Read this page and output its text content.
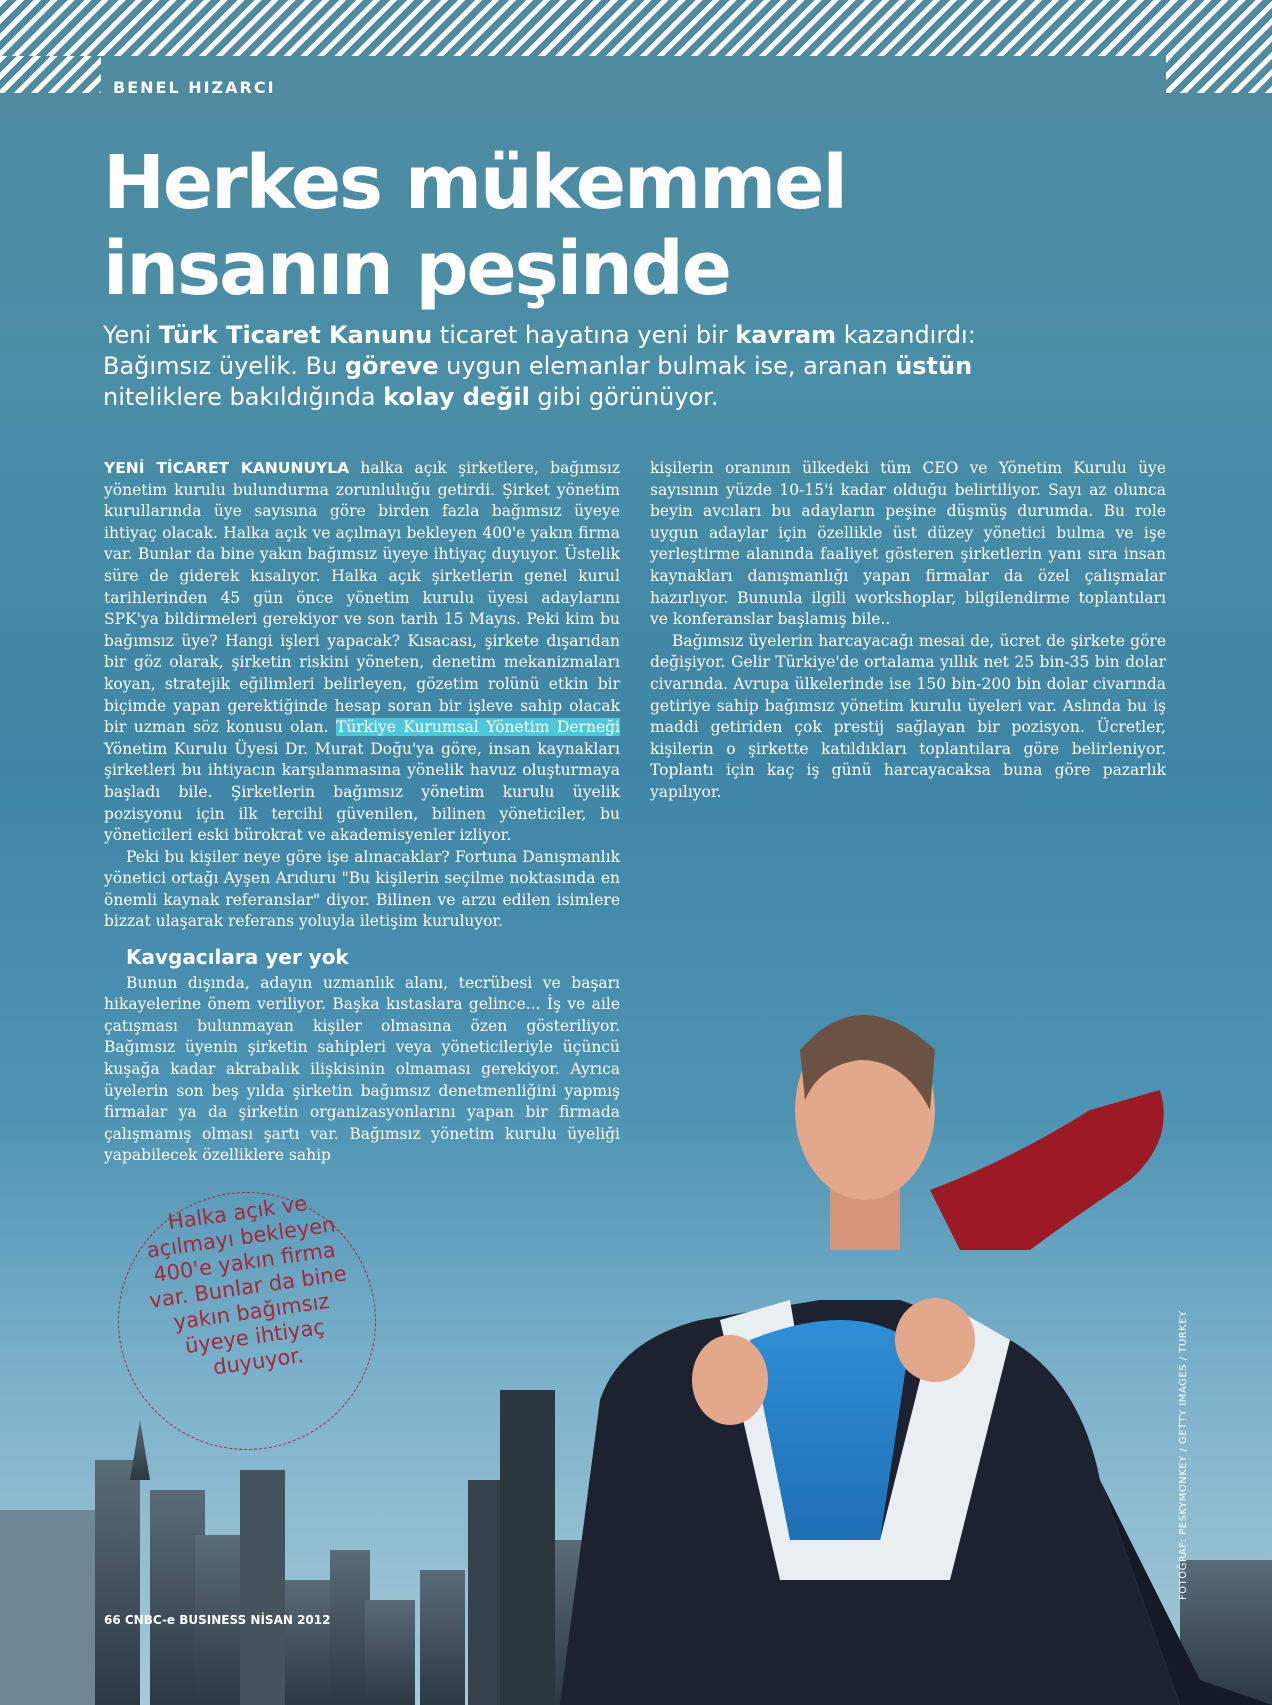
BENEL HIZARCI
Herkes mükemmel
insanın peşinde

Yeni Türk Ticaret Kanunu ticaret hayatına yeni bir kavram kazandırdı: Bağımsız üyelik. Bu göreve uygun elemanlar bulmak ise, aranan üstün niteliklere bakıldığında kolay değil gibi görünüyor.

YENİ TİCARET KANUNUYLA halka açık şirketlere, bağımsız yönetim kurulu bulundurma zorunluluğu getirdi. Şirket yönetim kurullarında üye sayısına göre birden fazla bağımsız üyeye ihtiyaç olacak. Halka açık ve açılmayı bekleyen 400'e yakın firma var. Bunlar da bine yakın bağımsız üyeye ihtiyaç duyuyor. Üstelik süre de giderek kısalıyor. Halka açık şirketlerin genel kurul tarihlerinden 45 gün önce yönetim kurulu üyesi adaylarını SPK'ya bildirmeleri gerekiyor ve son tarih 15 Mayıs. Peki kim bu bağımsız üye? Hangi işleri yapacak? Kısacası, şirkete dışarıdan bir göz olarak, şirketin riskini yöneten, denetim mekanizmaları koyan, stratejik eğilimleri belirleyen, gözetim rolünü etkin bir biçimde yapan gerektiğinde hesap soran bir işleve sahip olacak bir uzman söz konusu olan. Türkiye Kurumsal Yönetim Derneği Yönetim Kurulu Üyesi Dr. Murat Doğu'ya göre, insan kaynakları şirketleri bu ihtiyacın karşılanmasına yönelik havuz oluşturmaya başladı bile. Şirketlerin bağımsız yönetim kurulu üyelik pozisyonu için ilk tercihi güvenilen, bilinen yöneticiler, bu yöneticileri eski bürokrat ve akademisyenler izliyor.

Peki bu kişiler neye göre işe alınacaklar? Fortuna Danışmanlık yönetici ortağı Ayşen Arıduru "Bu kişilerin seçilme noktasında en önemli kaynak referanslar" diyor. Bilinen ve arzu edilen isimlere bizzat ulaşarak referans yoluyla iletişim kuruluyor.

Kavgacılara yer yok

Bunun dışında, adayın uzmanlık alanı, tecrübesi ve başarı hikayelerine önem veriliyor. Başka kıstaslara gelince... İş ve aile çatışması bulunmayan kişiler olmasına özen gösteriliyor. Bağımsız üyenin şirketin sahipleri veya yöneticileriyle üçüncü kuşağa kadar akrabalık ilişkisinin olmaması gerekiyor. Ayrıca üyelerin son beş yılda şirketin bağımsız denetmenliğini yapmış firmalar ya da şirketin organizasyonlarını yapan bir firmada çalışmamış olması şartı var. Bağımsız yönetim kurulu üyeliği yapabilecek özelliklere sahip

kişilerin oranının ülkedeki tüm CEO ve Yönetim Kurulu üye sayısının yüzde 10-15'i kadar olduğu belirtiliyor. Sayı az olunca beyin avcıları bu adayların peşine düşmüş durumda. Bu role uygun adaylar için özellikle üst düzey yönetici bulma ve işe yerleştirme alanında faaliyet gösteren şirketlerin yanı sıra insan kaynakları danışmanlığı yapan firmalar da özel çalışmalar hazırlıyor. Bununla ilgili workshoplar, bilgilendirme toplantıları ve konferanslar başlamış bile..

Bağımsız üyelerin harcayacağı mesai de, ücret de şirkete göre değişiyor. Gelir Türkiye'de ortalama yıllık net 25 bin-35 bin dolar civarında. Avrupa ülkelerinde ise 150 bin-200 bin dolar civarında getiriye sahip bağımsız yönetim kurulu üyeleri var. Aslında bu iş maddi getiriden çok prestij sağlayan bir pozisyon. Ücretler, kişilerin o şirkette katıldıkları toplantılara göre belirleniyor. Toplantı için kaç iş günü harcayacaksa buna göre pazarlık yapılıyor.

Halka açık ve açılmayı bekleyen 400'e yakın firma var. Bunlar da bine yakın bağımsız üyeye ihtiyaç duyuyor.
66 CNBC-e BUSINESS NİSAN 2012
FOTOĞRAF: PESKYMONKEY / GETTY IMAGES / TURKEY
